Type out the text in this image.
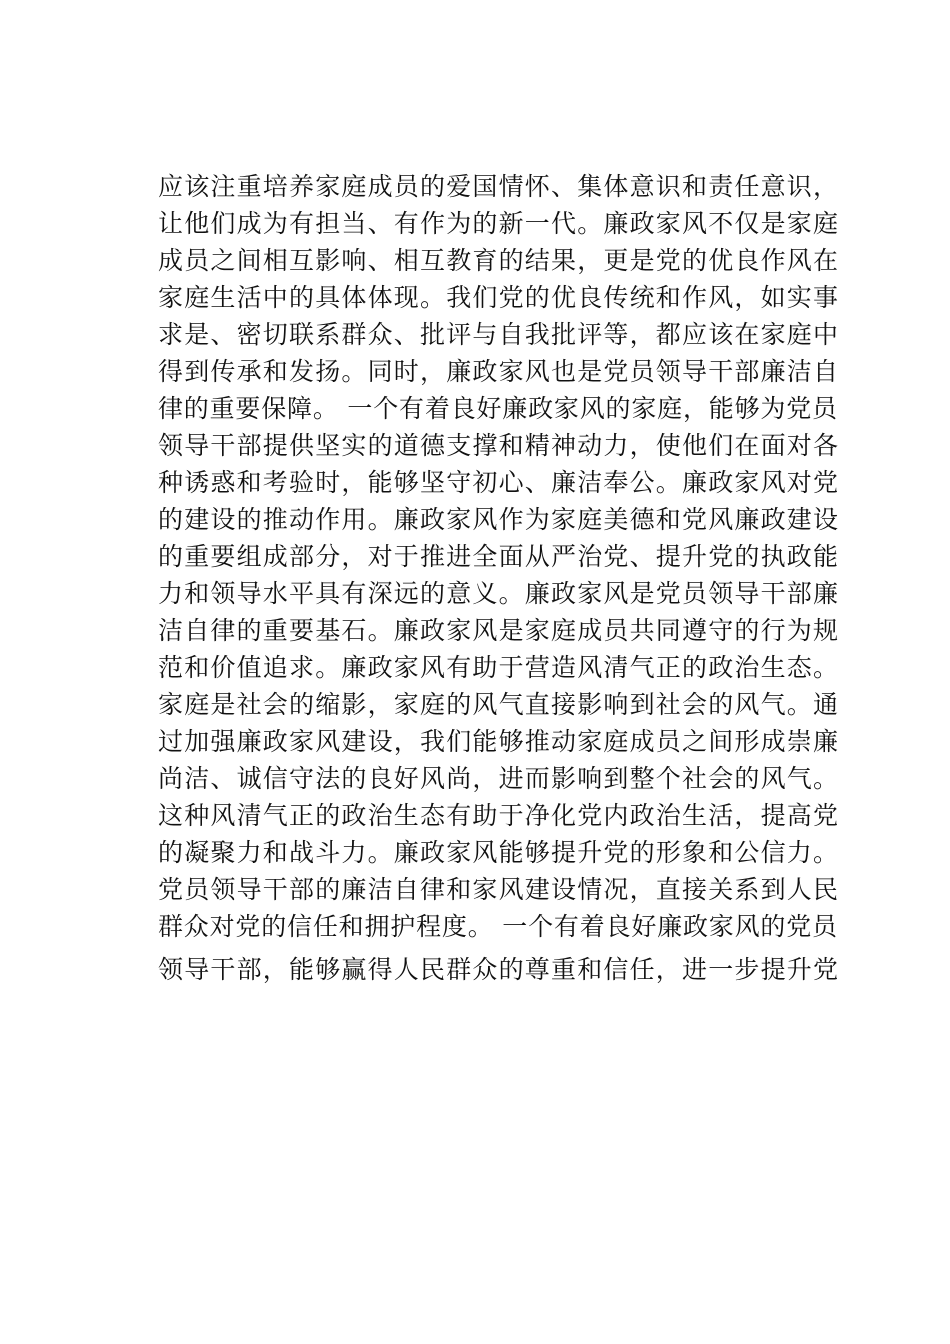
应该注重培养家庭成员的爱国情怀、集体意识和责任意识，
让他们成为有担当、有作为的新一代。廉政家风不仅是家庭
成员之间相互影响、相互教育的结果，更是党的优良作风在
家庭生活中的具体体现。我们党的优良传统和作风，如实事
求是、密切联系群众、批评与自我批评等，都应该在家庭中
得到传承和发扬。同时，廉政家风也是党员领导干部廉洁自
律的重要保障。 一个有着良好廉政家风的家庭，能够为党员
领导干部提供坚实的道德支撑和精神动力，使他们在面对各
种诱惑和考验时，能够坚守初心、廉洁奉公。廉政家风对党
的建设的推动作用。廉政家风作为家庭美德和党风廉政建设
的重要组成部分，对于推进全面从严治党、提升党的执政能
力和领导水平具有深远的意义。廉政家风是党员领导干部廉
洁自律的重要基石。廉政家风是家庭成员共同遵守的行为规
范和价值追求。廉政家风有助于营造风清气正的政治生态。
家庭是社会的缩影，家庭的风气直接影响到社会的风气。通
过加强廉政家风建设，我们能够推动家庭成员之间形成崇廉
尚洁、诚信守法的良好风尚，进而影响到整个社会的风气。
这种风清气正的政治生态有助于净化党内政治生活，提高党
的凝聚力和战斗力。廉政家风能够提升党的形象和公信力。
党员领导干部的廉洁自律和家风建设情况，直接关系到人民
群众对党的信任和拥护程度。 一个有着良好廉政家风的党员
领导干部，能够赢得人民群众的尊重和信任，进一步提升党
